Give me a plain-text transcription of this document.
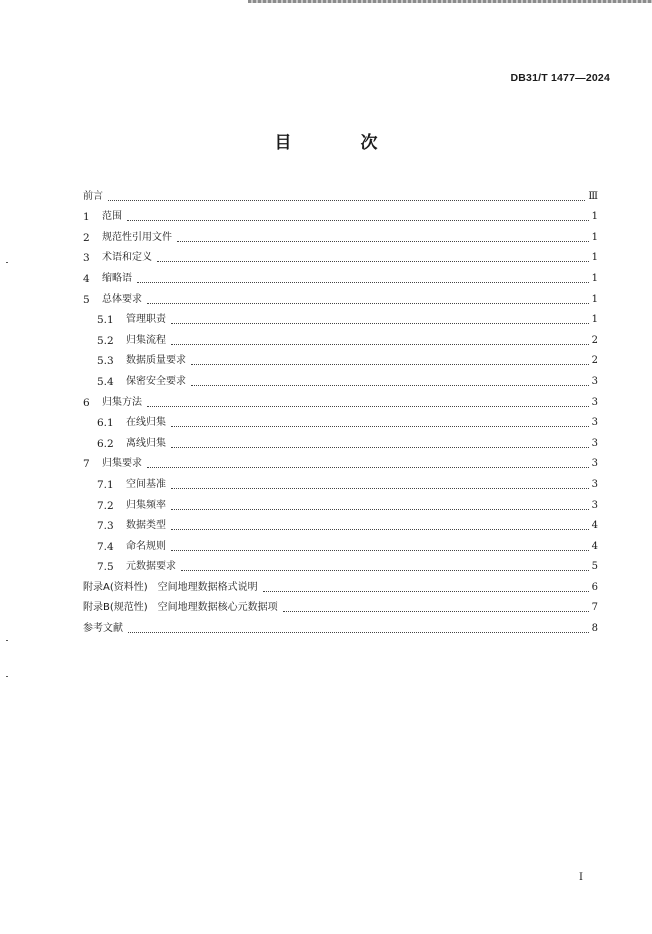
DB31/T 1477—2024
目　次
前言	Ⅲ
1	范围	1
2	规范性引用文件	1
3	术语和定义	1
4	缩略语	1
5	总体要求	1
5.1	管理职责	1
5.2	归集流程	2
5.3	数据质量要求	2
5.4	保密安全要求	3
6	归集方法	3
6.1	在线归集	3
6.2	离线归集	3
7	归集要求	3
7.1	空间基准	3
7.2	归集频率	3
7.3	数据类型	4
7.4	命名规则	4
7.5	元数据要求	5
附录A(资料性)　空间地理数据格式说明	6
附录B(规范性)　空间地理数据核心元数据项	7
参考文献	8
I
